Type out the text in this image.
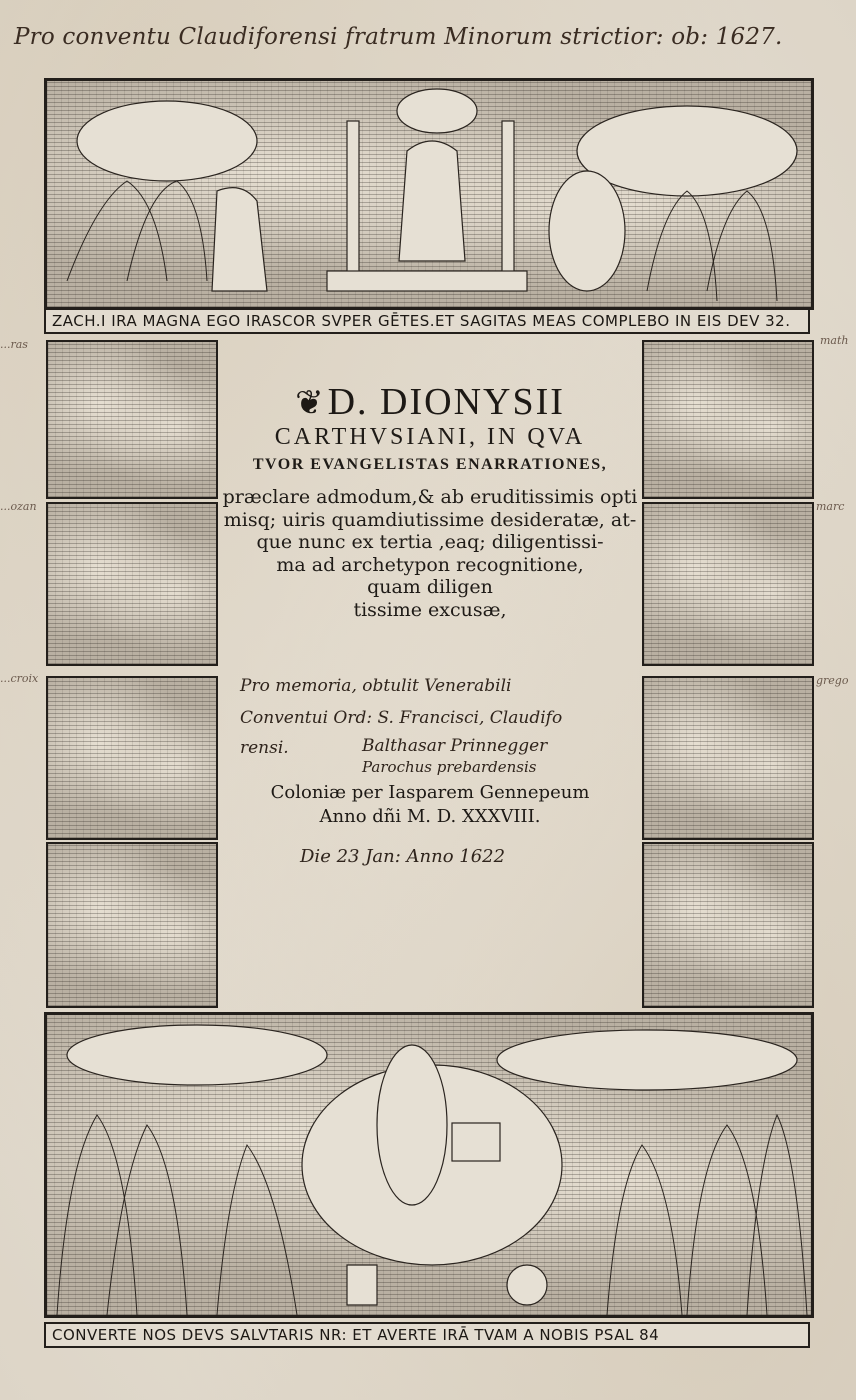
Pro conventu Claudiforensi fratrum Minorum strictior: ob: 1627.
ZACH.I IRA MAGNA EGO IRASCOR SVPER GĒTES.ET SAGITAS MEAS COMPLEBO IN EIS DEV 32.
❦D. DIONYSII
CARTHVSIANI, IN QVA
TVOR EVANGELISTAS ENARRATIONES,
præclare admodum,& ab eruditissimis opti
misq; uiris quamdiutissime desideratæ, at-
que nunc ex tertia ,eaq; diligentissi-
ma ad archetypon recognitione,
quam diligen
tissime excusæ,
Pro memoria, obtulit Venerabili
Conventui Ord: S. Francisci, Claudifo
rensi.	Balthasar Prinnegger
Parochus prebardensis
Coloniæ per Iasparem Gennepeum
Anno dñi M. D. XXXVIII.
Die 23 Jan: Anno 1622
CONVERTE NOS DEVS SALVTARIS NR: ET AVERTE IRĀ TVAM A NOBIS PSAL 84
...ras
...ozan
...croix
math
marc
grego
